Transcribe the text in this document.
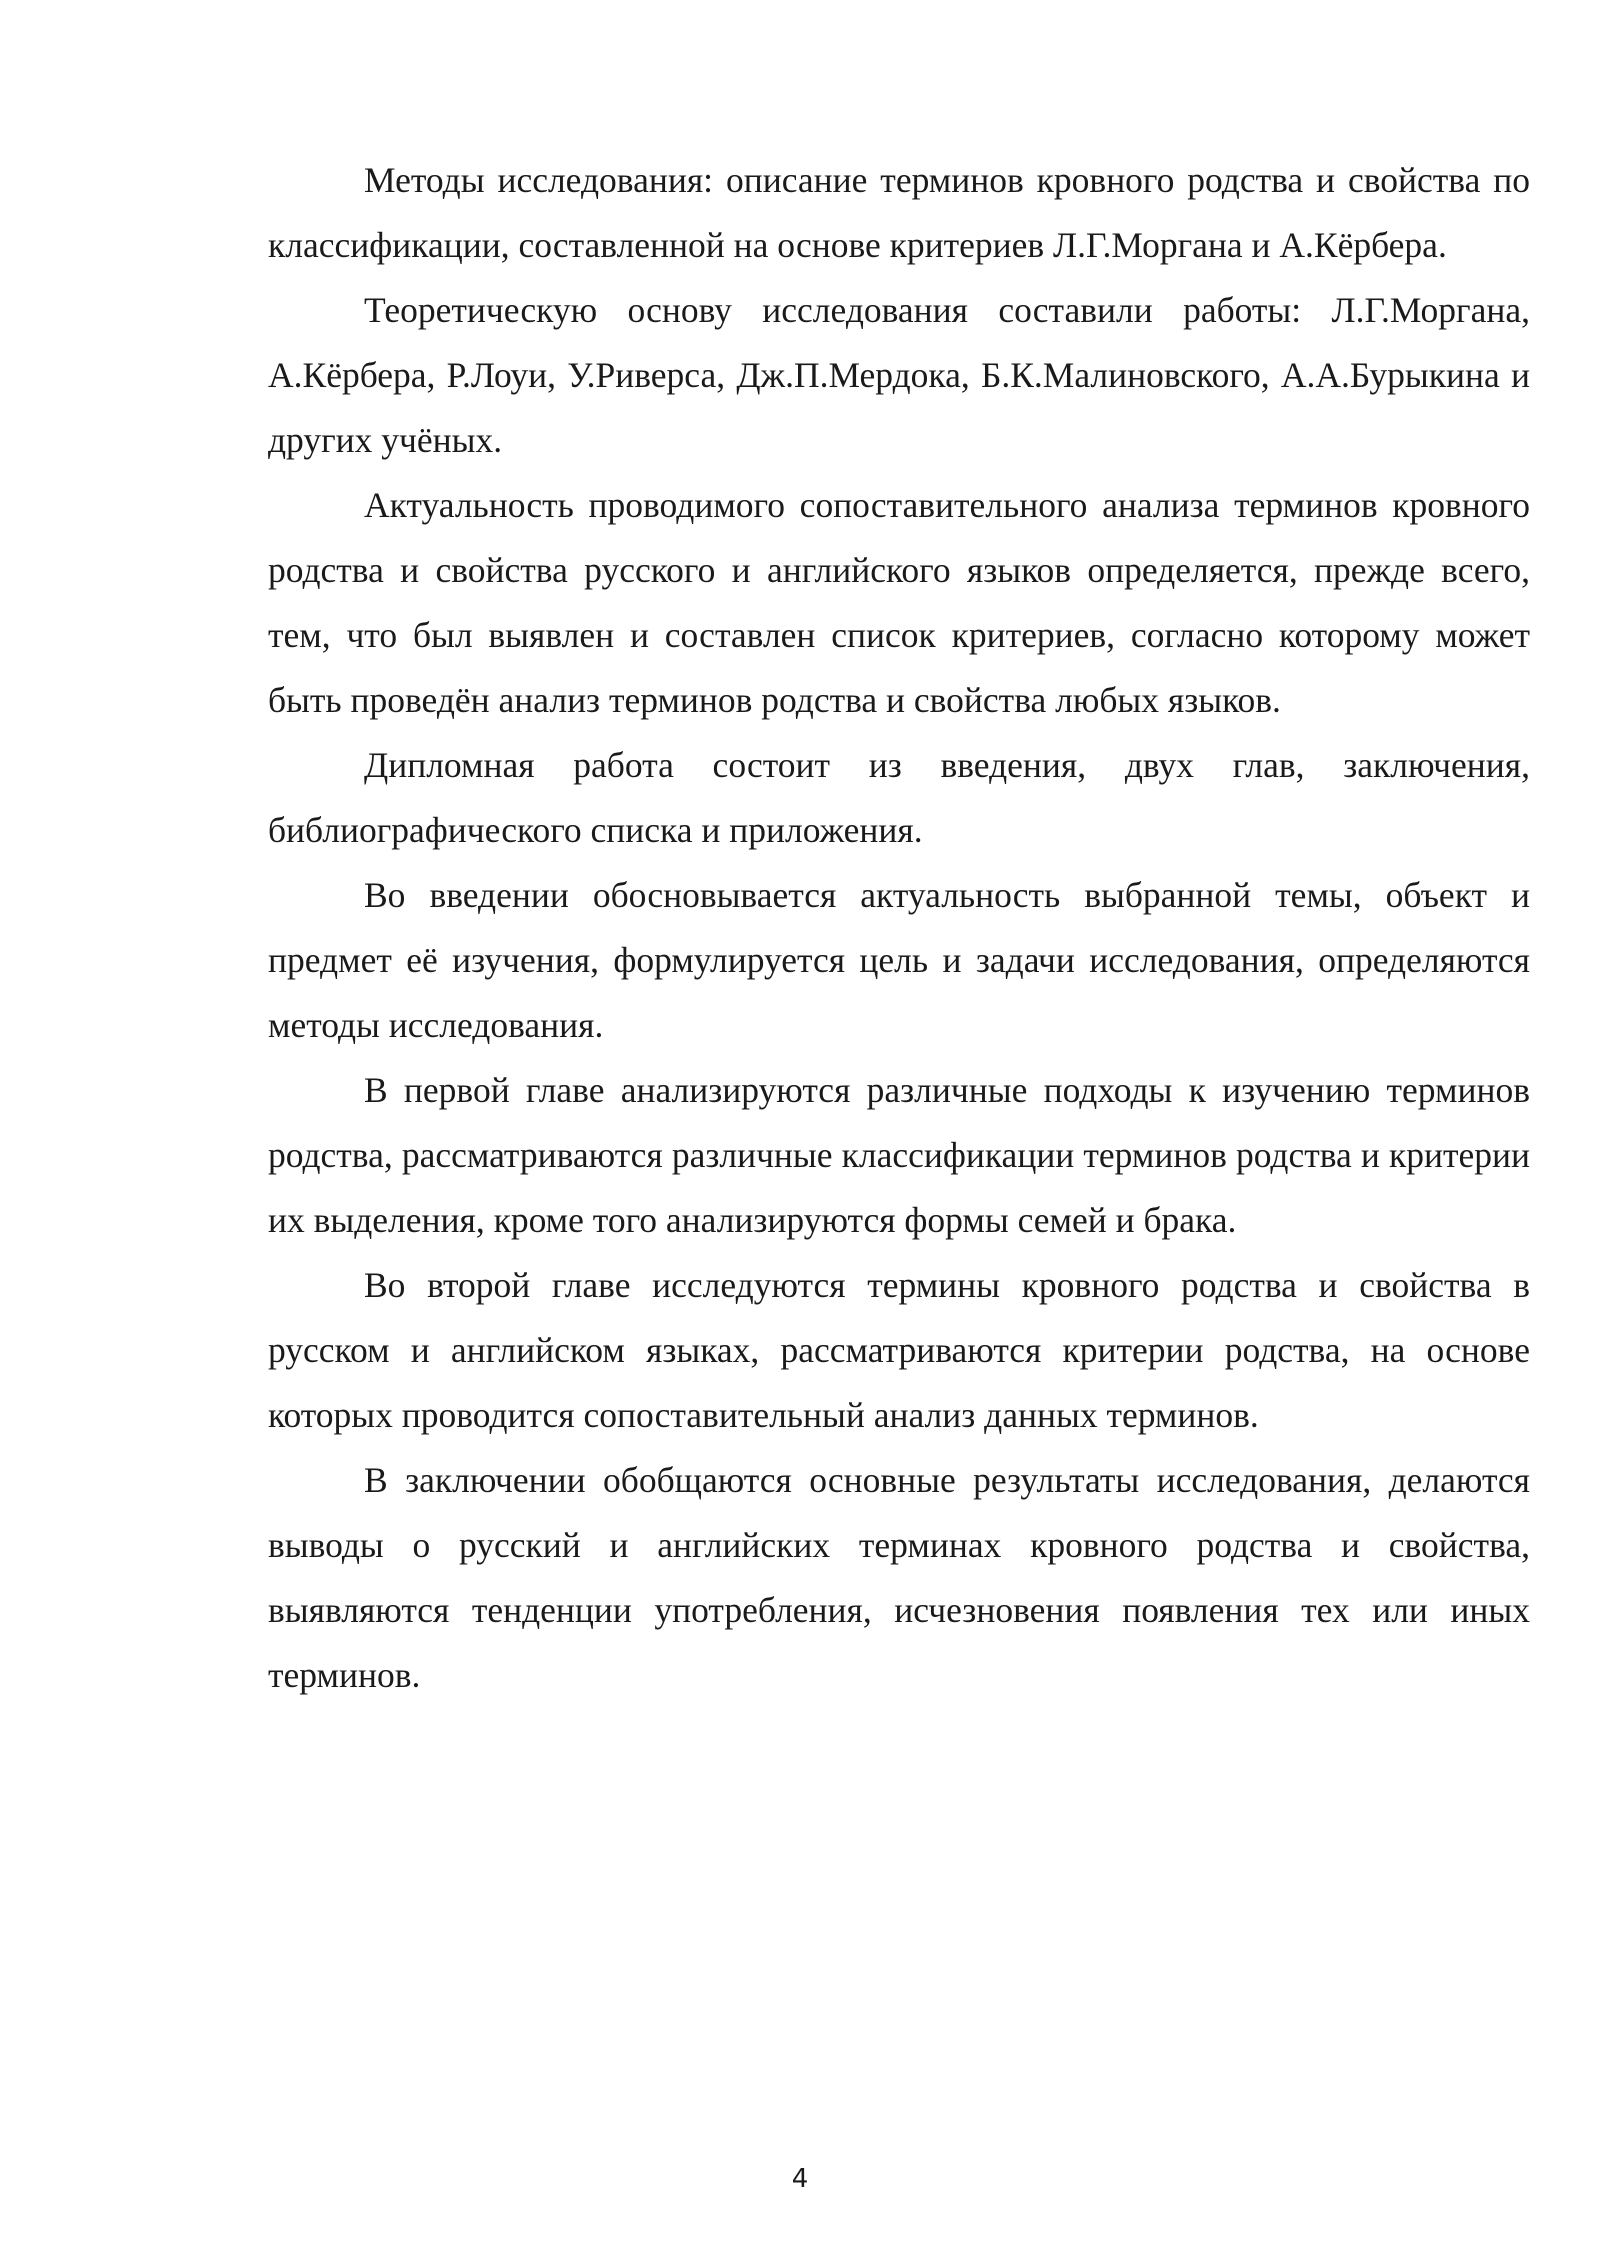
Методы исследования: описание терминов кровного родства и свойства по классификации, составленной на основе критериев Л.Г.Моргана и А.Кёрбера.

Теоретическую основу исследования составили работы: Л.Г.Моргана, А.Кёрбера, Р.Лоуи, У.Риверса, Дж.П.Мердока, Б.К.Малиновского, А.А.Бурыкина и других учёных.

Актуальность проводимого сопоставительного анализа терминов кровного родства и свойства русского и английского языков определяется, прежде всего, тем, что был выявлен и составлен список критериев, согласно которому может быть проведён анализ терминов родства и свойства любых языков.

Дипломная работа состоит из введения, двух глав, заключения, библиографического списка и приложения.

Во введении обосновывается актуальность выбранной темы, объект и предмет её изучения, формулируется цель и задачи исследования, определяются методы исследования.

В первой главе анализируются различные подходы к изучению терминов родства, рассматриваются различные классификации терминов родства и критерии их выделения, кроме того анализируются формы семей и брака.

Во второй главе исследуются термины кровного родства и свойства в русском и английском языках, рассматриваются критерии родства, на основе которых проводится сопоставительный анализ данных терминов.

В заключении обобщаются основные результаты исследования, делаются выводы о русский и английских терминах кровного родства и свойства, выявляются тенденции употребления, исчезновения появления тех или иных терминов.

4
